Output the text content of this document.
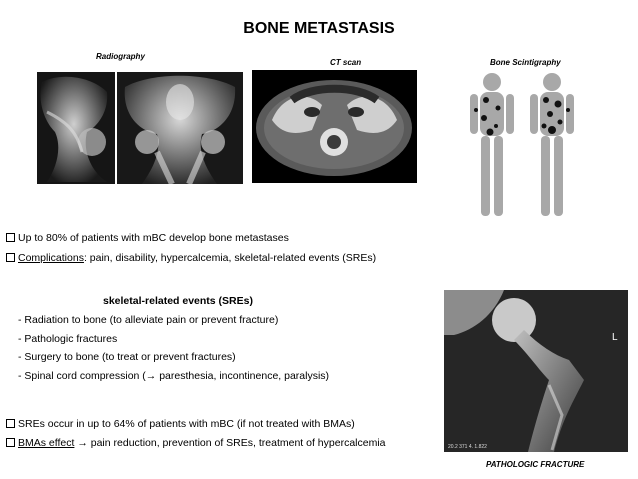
BONE METASTASIS
Radiography
CT scan	Bone Scintigraphy
Up to 80% of patients with mBC develop bone metastases
Complications: pain, disability, hypercalcemia, skeletal-related events (SREs)
skeletal-related events (SREs)
- Radiation to bone (to alleviate pain or prevent fracture)
- Pathologic fractures
- Surgery to bone (to treat or prevent fractures)
- Spinal cord compression (→ paresthesia, incontinence, paralysis)
SREs occur in up to 64% of patients with mBC (if not treated with BMAs)
BMAs effect → pain reduction, prevention of SREs, treatment of hypercalcemia
L
20.2 371 4. 1.822
PATHOLOGIC FRACTURE
